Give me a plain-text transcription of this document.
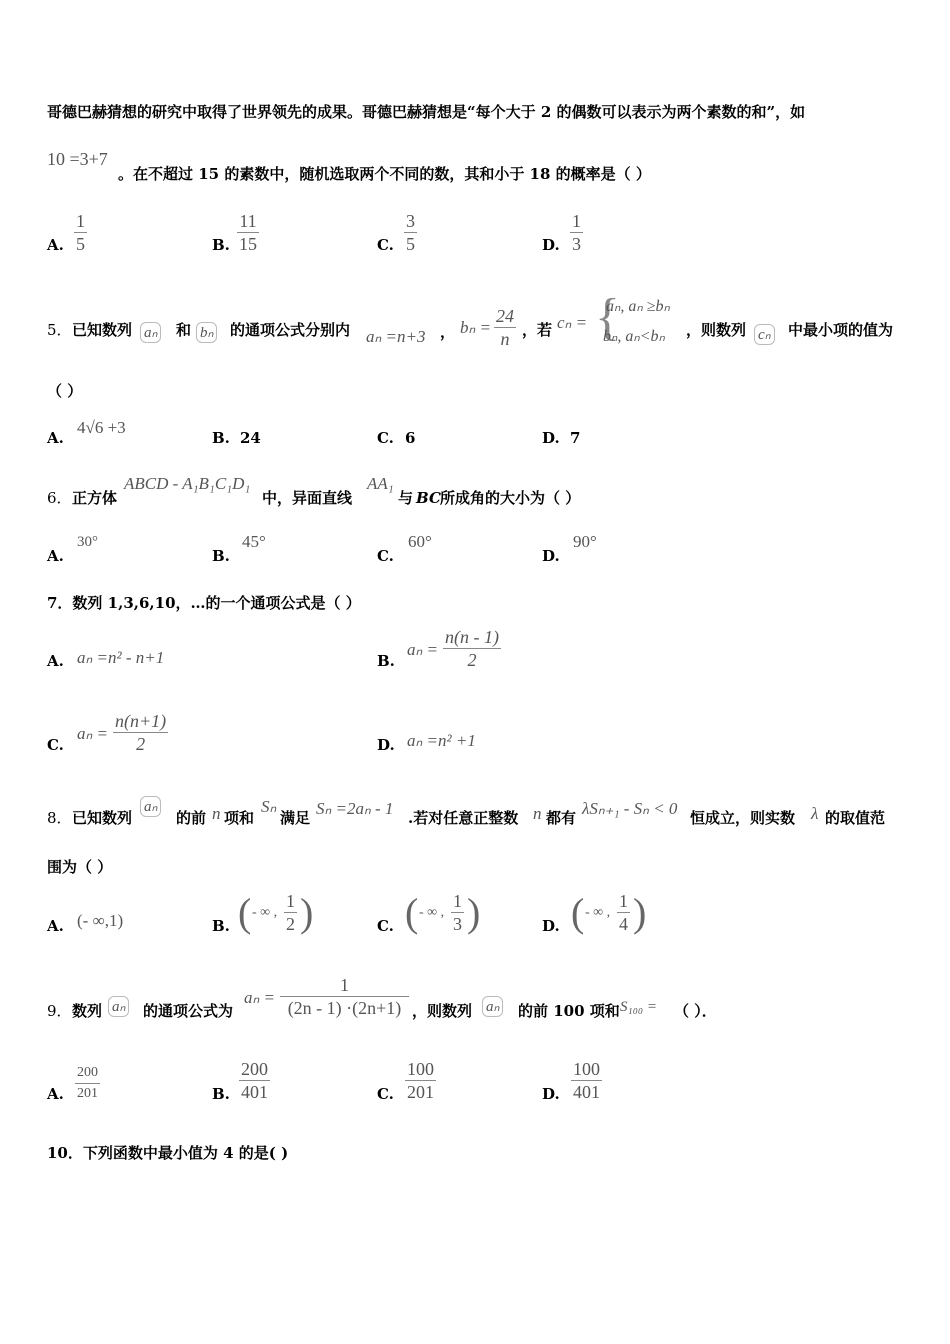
哥德巴赫猜想的研究中取得了世界领先的成果。哥德巴赫猜想是“每个大于 2 的偶数可以表示为两个素数的和”，如
10 =3+7
。在不超过 15 的素数中，随机选取两个不同的数，其和小于 18 的概率是（ ）
A. $\frac{1}{5}$	B. $\frac{11}{15}$	C. $\frac{3}{5}$	D. $\frac{1}{3}$
5． 已知数列 aₙ 和 bₙ 的通项公式分别内 aₙ =n+3 ， $b_n = \frac{24}{n}$ ，若 cₙ = {
aₙ, aₙ ≥bₙ
bₙ, aₙ<bₙ ，则数列 cₙ 中最小项的值为
（ ）
A.
4√6 +3
B. 24	C. 6	D. 7
6． 正方体
ABCD - A₁B₁C₁D₁
中，异面直线
AA₁
与 BC 所成角的大小为（ ）
A.
30°
B.
45°
C.
60°
D.
90°
7．数列 1,3,6,10，…的一个通项公式是（ ）
A. aₙ =n² - n+1	B.
$a_n = \frac{n(n - 1)}{2}$
C.
$a_n = \frac{n(n+1)}{2}$	D. aₙ =n² +1
8． 已知数列
aₙ
的前 n 项和
Sₙ
满足 Sₙ =2aₙ - 1 .若对任意正整数 n 都有 λSₙ₊₁ - Sₙ < 0 恒成立，则实数 λ 的取值范
围为（ ）
A. (- ∞,1)	B. ( - ∞ , $\frac{1}{2}$ )	C. ( - ∞ , $\frac{1}{3}$ )	D. ( - ∞ , $\frac{1}{4}$ )
9． 数列 aₙ 的通项公式为
$a_n = \frac{1}{(2n - 1) \cdot(2n+1)}$ ，则数列 aₙ 的前 100 项和 S₁₀₀ = （ ）．
A. $\frac{200}{201}$	B. $\frac{200}{401}$	C. $\frac{100}{201}$	D. $\frac{100}{401}$
10．下列函数中最小值为 4 的是( )
